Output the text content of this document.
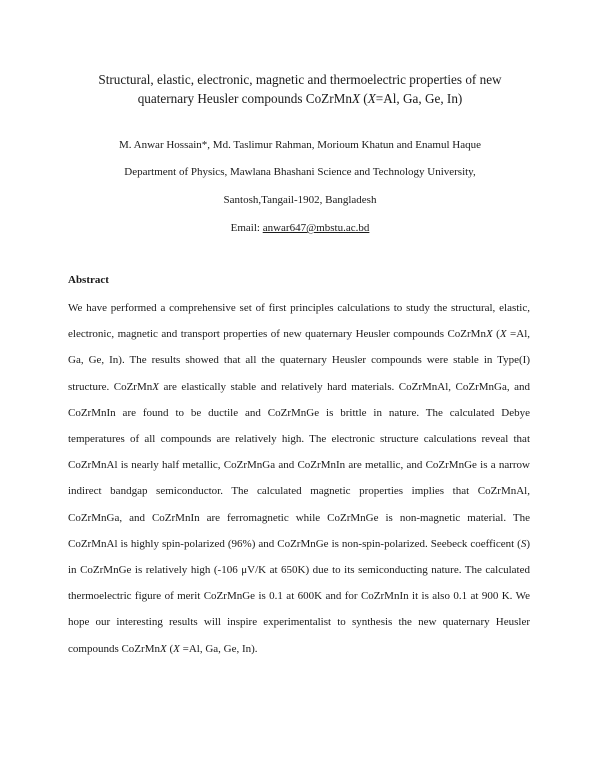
Structural, elastic, electronic, magnetic and thermoelectric properties of new
quaternary Heusler compounds CoZrMnX (X=Al, Ga, Ge, In)
M. Anwar Hossain*, Md. Taslimur Rahman, Morioum Khatun and Enamul Haque
Department of Physics, Mawlana Bhashani Science and Technology University,
Santosh,Tangail-1902, Bangladesh
Email: anwar647@mbstu.ac.bd
Abstract

We have performed a comprehensive set of first principles calculations to study the structural, elastic, electronic, magnetic and transport properties of new quaternary Heusler compounds CoZrMnX (X =Al, Ga, Ge, In). The results showed that all the quaternary Heusler compounds were stable in Type(I) structure. CoZrMnX are elastically stable and relatively hard materials. CoZrMnAl, CoZrMnGa, and CoZrMnIn are found to be ductile and CoZrMnGe is brittle in nature. The calculated Debye temperatures of all compounds are relatively high. The electronic structure calculations reveal that CoZrMnAl is nearly half metallic, CoZrMnGa and CoZrMnIn are metallic, and CoZrMnGe is a narrow indirect bandgap semiconductor. The calculated magnetic properties implies that CoZrMnAl, CoZrMnGa, and CoZrMnIn are ferromagnetic while CoZrMnGe is non-magnetic material. The CoZrMnAl is highly spin-polarized (96%) and CoZrMnGe is non-spin-polarized. Seebeck coefficent (S) in CoZrMnGe is relatively high (-106 μV/K at 650K) due to its semiconducting nature. The calculated thermoelectric figure of merit CoZrMnGe is 0.1 at 600K and for CoZrMnIn it is also 0.1 at 900 K. We hope our interesting results will inspire experimentalist to synthesis the new quaternary Heusler compounds CoZrMnX (X =Al, Ga, Ge, In).
